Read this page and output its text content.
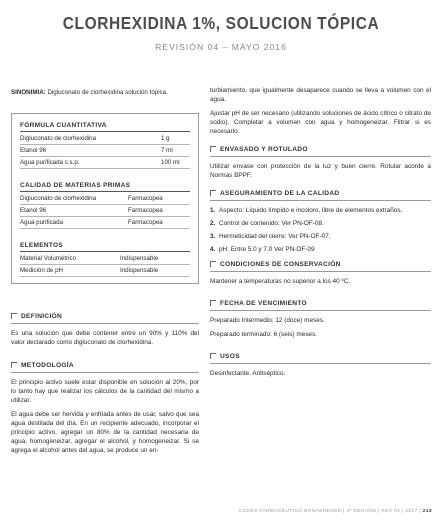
CLORHEXIDINA 1%, SOLUCION TÓPICA
REVISIÓN 04 – MAYO 2016
SINONIMIA: Digluconato de clorhexidina solución tópica.
FÓRMULA CUANTITATIVA
Digluconato de clorhexidina	1 g
Etanol 96	7 ml
Agua purificada c.s.p.	100 ml
CALIDAD DE MATERIAS PRIMAS
Digluconato de clorhexidina	Farmacopea
Etanol 96	Farmacopea
Agua purificada	Farmacopea
ELEMENTOS
Material Volumétrico	Indispensable
Medición de pH	Indispensable
DEFINICIÓN

Es una solución que debe contener entre un 90% y 110% del valor declarado como digluconato de clorhexidina.

METODOLOGÍA

El principio activo suele estar disponible en solución al 20%, por lo tanto hay que realizar los cálculos de la cantidad del mismo a utilizar.

El agua debe ser hervida y enfriada antes de usar, salvo que sea agua destilada del día. En un recipiente adecuado, incorporar el principio activo, agregar un 80% de la cantidad necesaria de agua, homogeneizar, agregar el alcohol, y homogeneizar. Si se agrega el alcohol antes del agua, se produce un en-

turbiamiento, que igualmente desaparece cuando se lleva a volumen con el agua.

Ajustar pH de ser necesario (utilizando soluciones de ácido cítrico o citrato de sodio). Completar a volumen con agua y homogeneizar. Filtrar si es necesario.

ENVASADO Y ROTULADO

Utilizar envase con protección de la luz y buen cierre. Rotular acorde a Normas BPPF.

ASEGURAMIENTO DE LA CALIDAD
1. Aspecto: Líquido límpido e incoloro, libre de elementos extraños.
2. Control de contenido: Ver PN-OF-08.
3. Hermeticidad del cierre: Ver PN-OF-07.
4. pH: Entre 5.0 y 7.0 Ver PN-OF-09
CONDICIONES DE CONSERVACIÓN

Mantener a temperaturas no superior a los 40 ºC.

FECHA DE VENCIMIENTO

Preparado Intermedio: 12 (doce) meses.

Preparado terminado: 6 (seis) meses.

USOS

Desinfectante. Antiséptico.

CODEX FARMACÉUTICO BONAERENSE | 3ª EDICIÓN | REV 01 | 2017 | 213
